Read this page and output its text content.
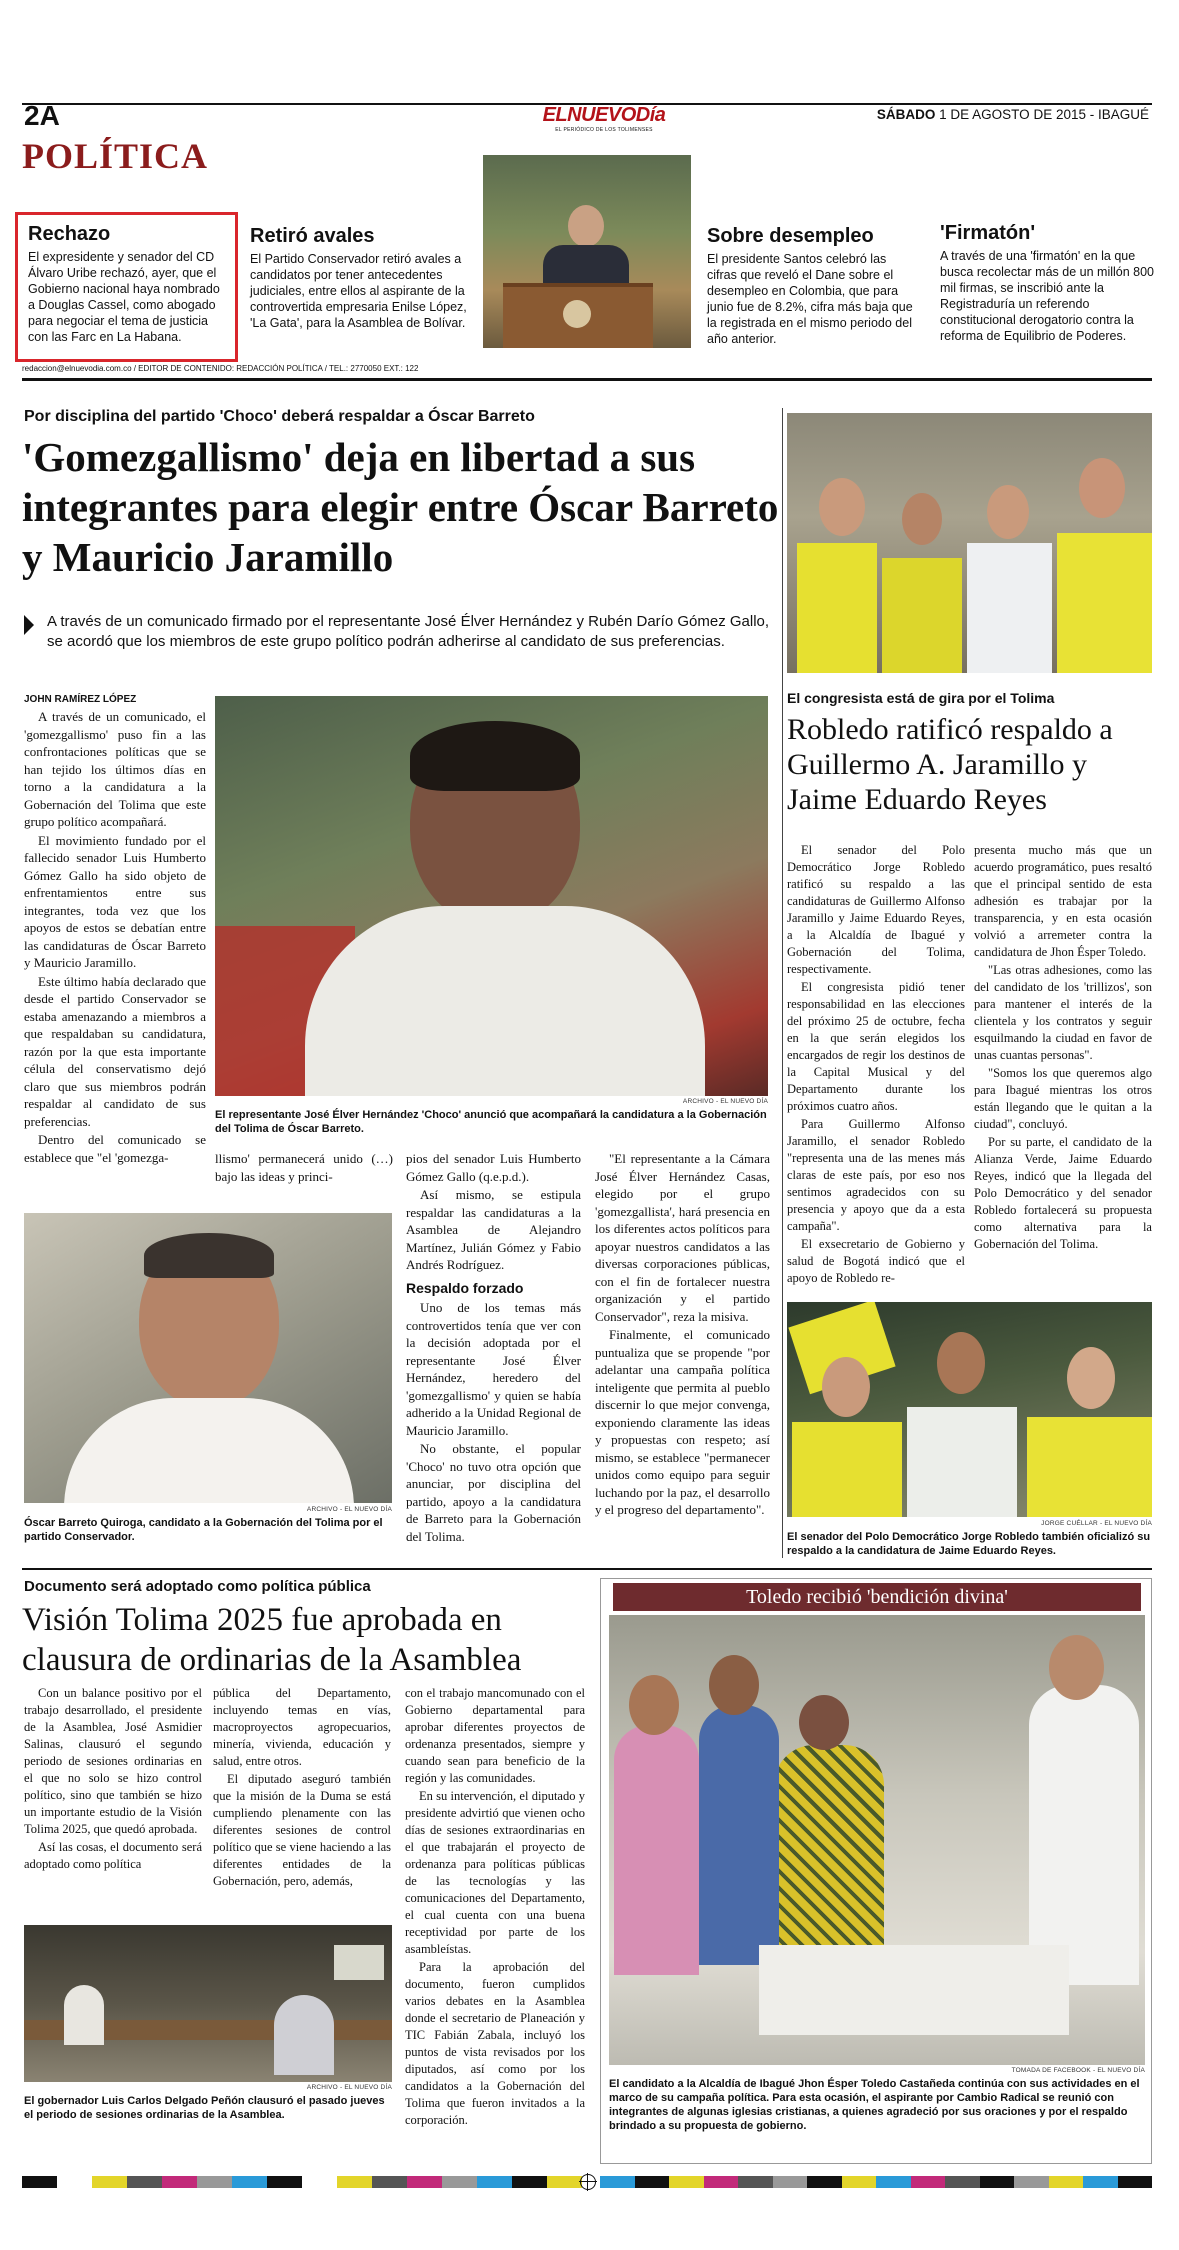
2A
POLÍTICA
ELNUEVODía
EL PERIÓDICO DE LOS TOLIMENSES
SÁBADO 1 DE AGOSTO DE 2015 - IBAGUÉ
Rechazo

El expresidente y senador del CD Álvaro Uribe rechazó, ayer, que el Gobierno nacional haya nombrado a Douglas Cassel, como abogado para negociar el tema de justicia con las Farc en La Habana.

Retiró avales

El Partido Conservador retiró avales a candidatos por tener antecedentes judiciales, entre ellos al aspirante de la controvertida empresaria Enilse López, 'La Gata', para la Asamblea de Bolívar.

Sobre desempleo

El presidente Santos celebró las cifras que reveló el Dane sobre el desempleo en Colombia, que para junio fue de 8.2%, cifra más baja que la registrada en el mismo periodo del año anterior.

'Firmatón'

A través de una 'firmatón' en la que busca recolectar más de un millón 800 mil firmas, se inscribió ante la Registraduría un referendo constitucional derogatorio contra la reforma de Equilibrio de Poderes.

redaccion@elnuevodia.com.co / EDITOR DE CONTENIDO: REDACCIÓN POLÍTICA / TEL.: 2770050 EXT.: 122
Por disciplina del partido 'Choco' deberá respaldar a Óscar Barreto
'Gomezgallismo' deja en libertad a sus integrantes para elegir entre Óscar Barreto y Mauricio Jaramillo
A través de un comunicado firmado por el representante José Élver Hernández y Rubén Darío Gómez Gallo, se acordó que los miembros de este grupo político podrán adherirse al candidato de sus preferencias.
JOHN RAMÍREZ LÓPEZ

A través de un comunicado, el 'gomezgallismo' puso fin a las confrontaciones políticas que se han tejido los últimos días en torno a la candidatura a la Gobernación del Tolima que este grupo político acompañará.

El movimiento fundado por el fallecido senador Luis Humberto Gómez Gallo ha sido objeto de enfrentamientos entre sus integrantes, toda vez que los apoyos de estos se debatían entre las candidaturas de Óscar Barreto y Mauricio Jaramillo.

Este último había declarado que desde el partido Conservador se estaba amenazando a miembros a que respaldaban su candidatura, razón por la que esta importante célula del conservatismo dejó claro que sus miembros podrán respaldar al candidato de sus preferencias.

Dentro del comunicado se establece que "el 'gomezga-

ARCHIVO - EL NUEVO DÍA
El representante José Élver Hernández 'Choco' anunció que acompañará la candidatura a la Gobernación del Tolima de Óscar Barreto.

llismo' permanecerá unido (…) bajo las ideas y princi-

ARCHIVO - EL NUEVO DÍA
Óscar Barreto Quiroga, candidato a la Gobernación del Tolima por el partido Conservador.

pios del senador Luis Humberto Gómez Gallo (q.e.p.d.).

Así mismo, se estipula respaldar las candidaturas a la Asamblea de Alejandro Martínez, Julián Gómez y Fabio Andrés Rodríguez.

Respaldo forzado

Uno de los temas más controvertidos tenía que ver con la decisión adoptada por el representante José Élver Hernández, heredero del 'gomezgallismo' y quien se había adherido a la Unidad Regional de Mauricio Jaramillo.

No obstante, el popular 'Choco' no tuvo otra opción que anunciar, por disciplina del partido, apoyo a la candidatura de Barreto para la Gobernación del Tolima.

"El representante a la Cámara José Élver Hernández Casas, elegido por el grupo 'gomezgallista', hará presencia en los diferentes actos políticos para apoyar nuestros candidatos a las diversas corporaciones públicas, con el fin de fortalecer nuestra organización y el partido Conservador", reza la misiva.

Finalmente, el comunicado puntualiza que se propende "por adelantar una campaña política inteligente que permita al pueblo discernir lo que mejor convenga, exponiendo claramente las ideas y propuestas con respeto; así mismo, se establece "permanecer unidos como equipo para seguir luchando por la paz, el desarrollo y el progreso del departamento".

El congresista está de gira por el Tolima
Robledo ratificó respaldo a Guillermo A. Jaramillo y Jaime Eduardo Reyes

El senador del Polo Democrático Jorge Robledo ratificó su respaldo a las candidaturas de Guillermo Alfonso Jaramillo y Jaime Eduardo Reyes, a la Alcaldía de Ibagué y Gobernación del Tolima, respectivamente.

El congresista pidió tener responsabilidad en las elecciones del próximo 25 de octubre, fecha en la que serán elegidos los encargados de regir los destinos de la Capital Musical y del Departamento durante los próximos cuatro años.

Para Guillermo Alfonso Jaramillo, el senador Robledo "representa una de las menes más claras de este país, por eso nos sentimos agradecidos con su presencia y apoyo que da a esta campaña".

El exsecretario de Gobierno y salud de Bogotá indicó que el apoyo de Robledo re-

presenta mucho más que un acuerdo programático, pues resaltó que el principal sentido de esta adhesión es trabajar por la transparencia, y en esta ocasión volvió a arremeter contra la candidatura de Jhon Ésper Toledo.

"Las otras adhesiones, como las del candidato de los 'trillizos', son para mantener el interés de la clientela y los contratos y seguir esquilmando la ciudad en favor de unas cuantas personas".

"Somos los que queremos algo para Ibagué mientras los otros están llegando que le quitan a la ciudad", concluyó.

Por su parte, el candidato de la Alianza Verde, Jaime Eduardo Reyes, indicó que la llegada del Polo Democrático y del senador Robledo fortalecerá su propuesta como alternativa para la Gobernación del Tolima.

JORGE CUÉLLAR - EL NUEVO DÍA
El senador del Polo Democrático Jorge Robledo también oficializó su respaldo a la candidatura de Jaime Eduardo Reyes.
Documento será adoptado como política pública
Visión Tolima 2025 fue aprobada en clausura de ordinarias de la Asamblea

Con un balance positivo por el trabajo desarrollado, el presidente de la Asamblea, José Asmidier Salinas, clausuró el segundo periodo de sesiones ordinarias en el que no solo se hizo control político, sino que también se hizo un importante estudio de la Visión Tolima 2025, que quedó aprobada.

Así las cosas, el documento será adoptado como política

pública del Departamento, incluyendo temas en vías, macroproyectos agropecuarios, minería, vivienda, educación y salud, entre otros.

El diputado aseguró también que la misión de la Duma se está cumpliendo plenamente con las diferentes sesiones de control político que se viene haciendo a las diferentes entidades de la Gobernación, pero, además,

con el trabajo mancomunado con el Gobierno departamental para aprobar diferentes proyectos de ordenanza presentados, siempre y cuando sean para beneficio de la región y las comunidades.

En su intervención, el diputado y presidente advirtió que vienen ocho días de sesiones extraordinarias en el que trabajarán el proyecto de ordenanza para políticas públicas de las tecnologías y las comunicaciones del Departamento, el cual cuenta con una buena receptividad por parte de los asambleístas.

Para la aprobación del documento, fueron cumplidos varios debates en la Asamblea donde el secretario de Planeación y TIC Fabián Zabala, incluyó los puntos de vista revisados por los diputados, así como por los candidatos a la Gobernación del Tolima que fueron invitados a la corporación.

ARCHIVO - EL NUEVO DÍA
El gobernador Luis Carlos Delgado Peñón clausuró el pasado jueves el periodo de sesiones ordinarias de la Asamblea.
Toledo recibió 'bendición divina'
TOMADA DE FACEBOOK - EL NUEVO DÍA
El candidato a la Alcaldía de Ibagué Jhon Ésper Toledo Castañeda continúa con sus actividades en el marco de su campaña política. Para esta ocasión, el aspirante por Cambio Radical se reunió con integrantes de algunas iglesias cristianas, a quienes agradeció por sus oraciones y por el respaldo brindado a su propuesta de gobierno.
